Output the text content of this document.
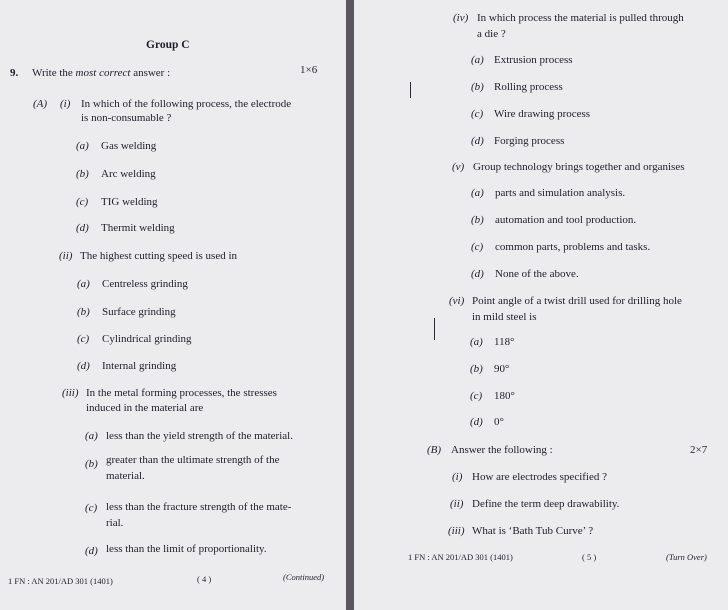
Group C
9. Write the most correct answer :	1×6
(A) (i) In which of the following process, the electrode
is non-consumable ?
(a) Gas welding
(b) Arc welding
(c) TIG welding
(d) Thermit welding
(ii) The highest cutting speed is used in
(a) Centreless grinding
(b) Surface grinding
(c) Cylindrical grinding
(d) Internal grinding
(iii) In the metal forming processes, the stresses
induced in the material are
(a) less than the yield strength of the material.
(b) greater than the ultimate strength of the
material.
(c) less than the fracture strength of the mate-
rial.
(d) less than the limit of proportionality.
1 FN : AN 201/AD 301 (1401)	( 4 )	(Continued)
(iv) In which process the material is pulled through
a die ?
(a) Extrusion process
(b) Rolling process
(c) Wire drawing process
(d) Forging process
(v) Group technology brings together and organises
(a) parts and simulation analysis.
(b) automation and tool production.
(c) common parts, problems and tasks.
(d) None of the above.
(vi) Point angle of a twist drill used for drilling hole
in mild steel is
(a) 118°
(b) 90°
(c) 180°
(d) 0°
(B) Answer the following :	2×7
(i) How are electrodes specified ?
(ii) Define the term deep drawability.
(iii) What is ‘Bath Tub Curve’ ?
1 FN : AN 201/AD 301 (1401)	( 5 )	(Turn Over)
